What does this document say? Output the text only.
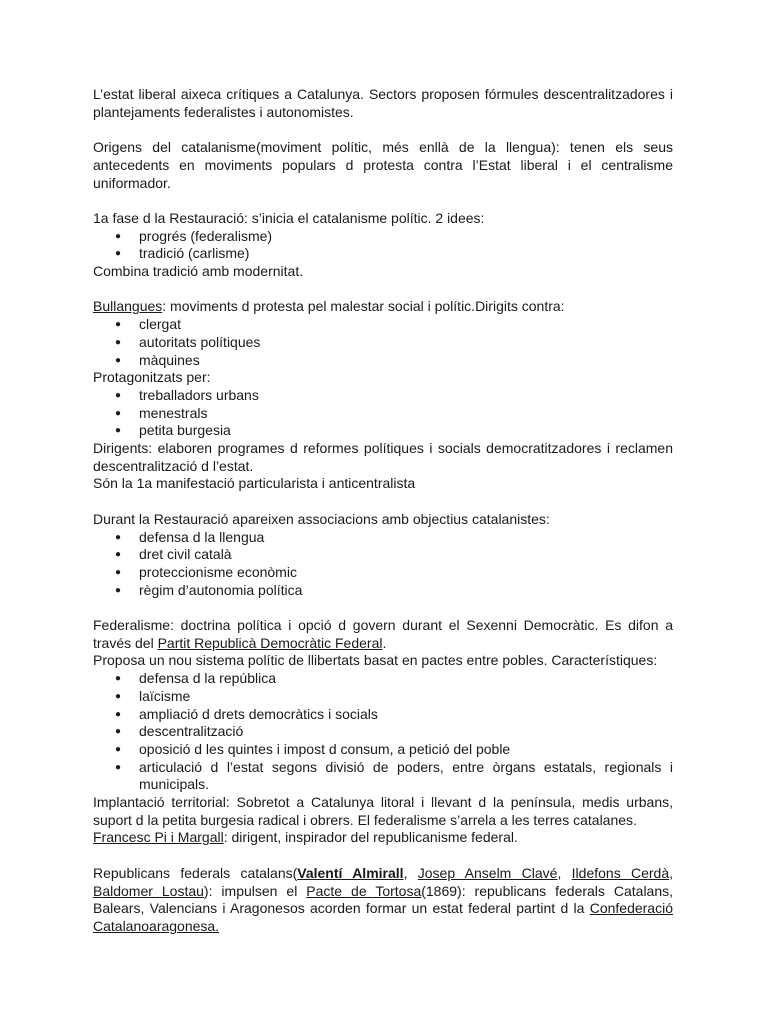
L’estat liberal aixeca crítiques a Catalunya. Sectors proposen fórmules descentralitzadores i plantejaments federalistes i autonomistes.

Origens del catalanisme(moviment polític, més enllà de la llengua): tenen els seus antecedents en moviments populars d protesta contra l’Estat liberal i el centralisme uniformador.

1a fase d la Restauració: s’inicia el catalanisme polític. 2 idees:

● progrés (federalisme)
● tradició (carlisme)

Combina tradició amb modernitat.

Bullangues: moviments d protesta pel malestar social i polític.Dirigits contra:

● clergat
● autoritats polítiques
● màquines

Protagonitzats per:

● treballadors urbans
● menestrals
● petita burgesia

Dirigents: elaboren programes d reformes polítiques i socials democratitzadores i reclamen descentralització d l’estat.

Són la 1a manifestació particularista i anticentralista

Durant la Restauració apareixen associacions amb objectius catalanistes:

● defensa d la llengua
● dret civil català
● proteccionisme econòmic
● règim d’autonomia política

Federalisme: doctrina política i opció d govern durant el Sexenni Democràtic. Es difon a través del Partit Republicà Democràtic Federal.

Proposa un nou sistema polític de llibertats basat en pactes entre pobles. Característiques:

● defensa d la república
● laïcisme
● ampliació d drets democràtics i socials
● descentralització
● oposició d les quintes i impost d consum, a petició del poble
● articulació d l’estat segons divisió de poders, entre òrgans estatals, regionals i municipals.

Implantació territorial: Sobretot a Catalunya litoral i llevant d la península, medis urbans, suport d la petita burgesia radical i obrers. El federalisme s’arrela a les terres catalanes.

Francesc Pi i Margall: dirigent, inspirador del republicanisme federal.

Republicans federals catalans(Valentí Almirall, Josep Anselm Clavé, Ildefons Cerdà, Baldomer Lostau): impulsen el Pacte de Tortosa(1869): republicans federals Catalans, Balears, Valencians i Aragonesos acorden formar un estat federal partint d la Confederació Catalanoaragonesa.
